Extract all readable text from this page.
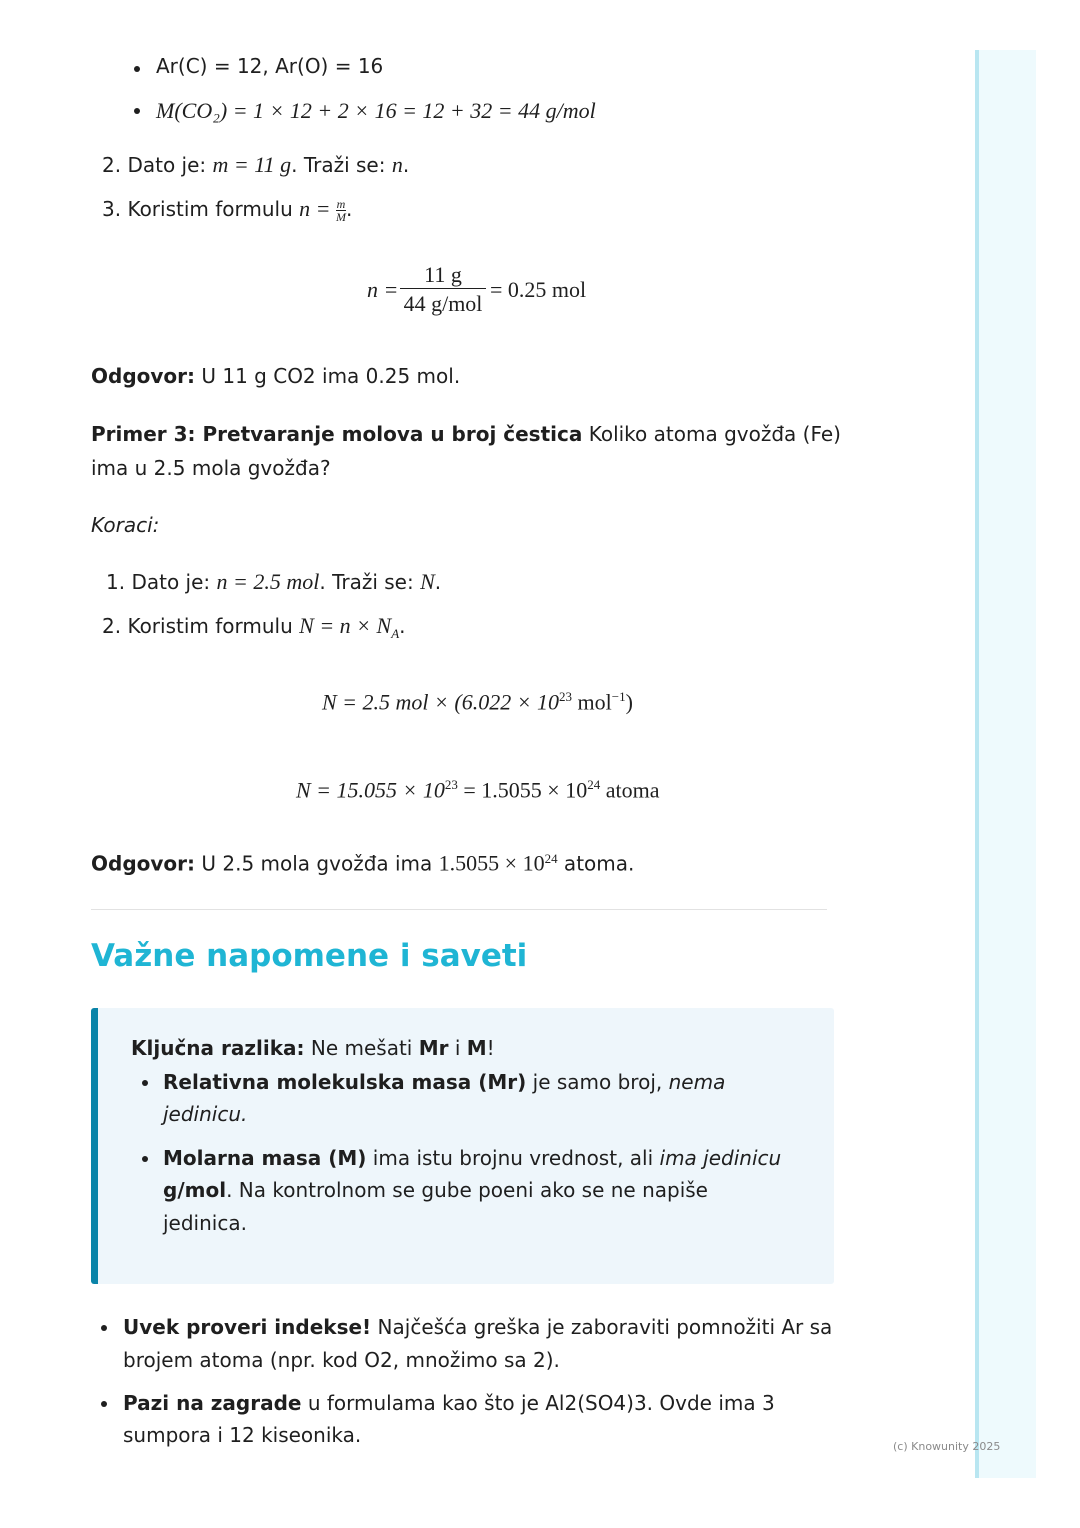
Ar(C) = 12, Ar(O) = 16
M(CO₂) = 1 × 12 + 2 × 16 = 12 + 32 = 44 g/mol
2. Dato je: m = 11 g. Traži se: n.
3. Koristim formulu $n = \frac{m}{M}$ .
n =
11 g
44 g/mol
= 0.25 mol
Odgovor: U 11 g CO2 ima 0.25 mol.
Primer 3: Pretvaranje molova u broj čestica Koliko atoma gvožđa (Fe)
ima u 2.5 mola gvožđa?
Koraci:
1. Dato je: n = 2.5 mol. Traži se: N.
2. Koristim formulu $N = n \times N_A$.
N = 2.5 mol × ($6.022 \times 10^{23}$ mol$^{-1}$)
$N = 15.055 \times 10^{23} = 1.5055 \times 10^{24}$ atoma
Odgovor: U 2.5 mola gvožđa ima $1.5055 \times 10^{24}$ atoma.
Važne napomene i saveti
Ključna razlika: Ne mešati Mr i M!
Relativna molekulska masa (Mr) je samo broj, nema
jedinicu.
Molarna masa (M) ima istu brojnu vrednost, ali ima jedinicu
g/mol. Na kontrolnom se gube poeni ako se ne napiše
jedinica.
Uvek proveri indekse! Najčešća greška je zaboraviti pomnožiti Ar sa
brojem atoma (npr. kod O2, množimo sa 2).
Pazi na zagrade u formulama kao što je Al2(SO4)3. Ovde ima 3
sumpora i 12 kiseonika.	(c) Knowunity 2025
